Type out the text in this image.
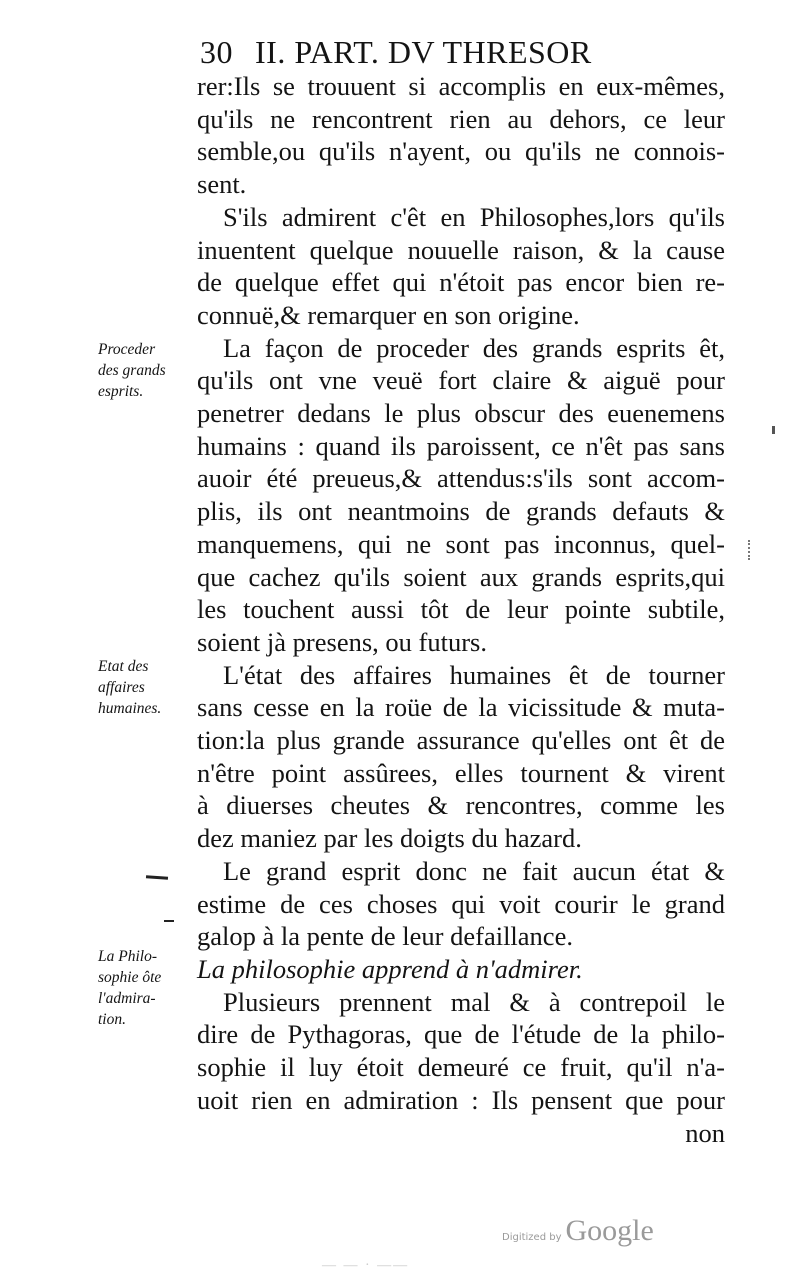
30 II. PART. DV THRESOR
rer:Ils se trouuent si accomplis en eux-mêmes,
qu'ils ne rencontrent rien au dehors, ce leur
semble,ou qu'ils n'ayent, ou qu'ils ne connois-
sent.
S'ils admirent c'êt en Philosophes,lors qu'ils
inuentent quelque nouuelle raison, & la cause
de quelque effet qui n'étoit pas encor bien re-
connuë,& remarquer en son origine.
La façon de proceder des grands esprits êt,
qu'ils ont vne veuë fort claire & aiguë pour
penetrer dedans le plus obscur des euenemens
humains : quand ils paroissent, ce n'êt pas sans
auoir été preueus,& attendus:s'ils sont accom-
plis, ils ont neantmoins de grands defauts &
manquemens, qui ne sont pas inconnus, quel-
que cachez qu'ils soient aux grands esprits,qui
les touchent aussi tôt de leur pointe subtile,
soient jà presens, ou futurs.
L'état des affaires humaines êt de tourner
sans cesse en la roüe de la vicissitude & muta-
tion:la plus grande assurance qu'elles ont êt de
n'être point assûrees, elles tournent & virent
à diuerses cheutes & rencontres, comme les
dez maniez par les doigts du hazard.
Le grand esprit donc ne fait aucun état &
estime de ces choses qui voit courir le grand
galop à la pente de leur defaillance.
La philosophie apprend à n'admirer.
Plusieurs prennent mal & à contrepoil le
dire de Pythagoras, que de l'étude de la philo-
sophie il luy étoit demeuré ce fruit, qu'il n'a-
uoit rien en admiration : Ils pensent que pour
non
Proceder
des grands
esprits.
Etat des
affaires
humaines.
La Philo-
sophie ôte
l'admira-
tion.
Digitized by Google
— — · ——
